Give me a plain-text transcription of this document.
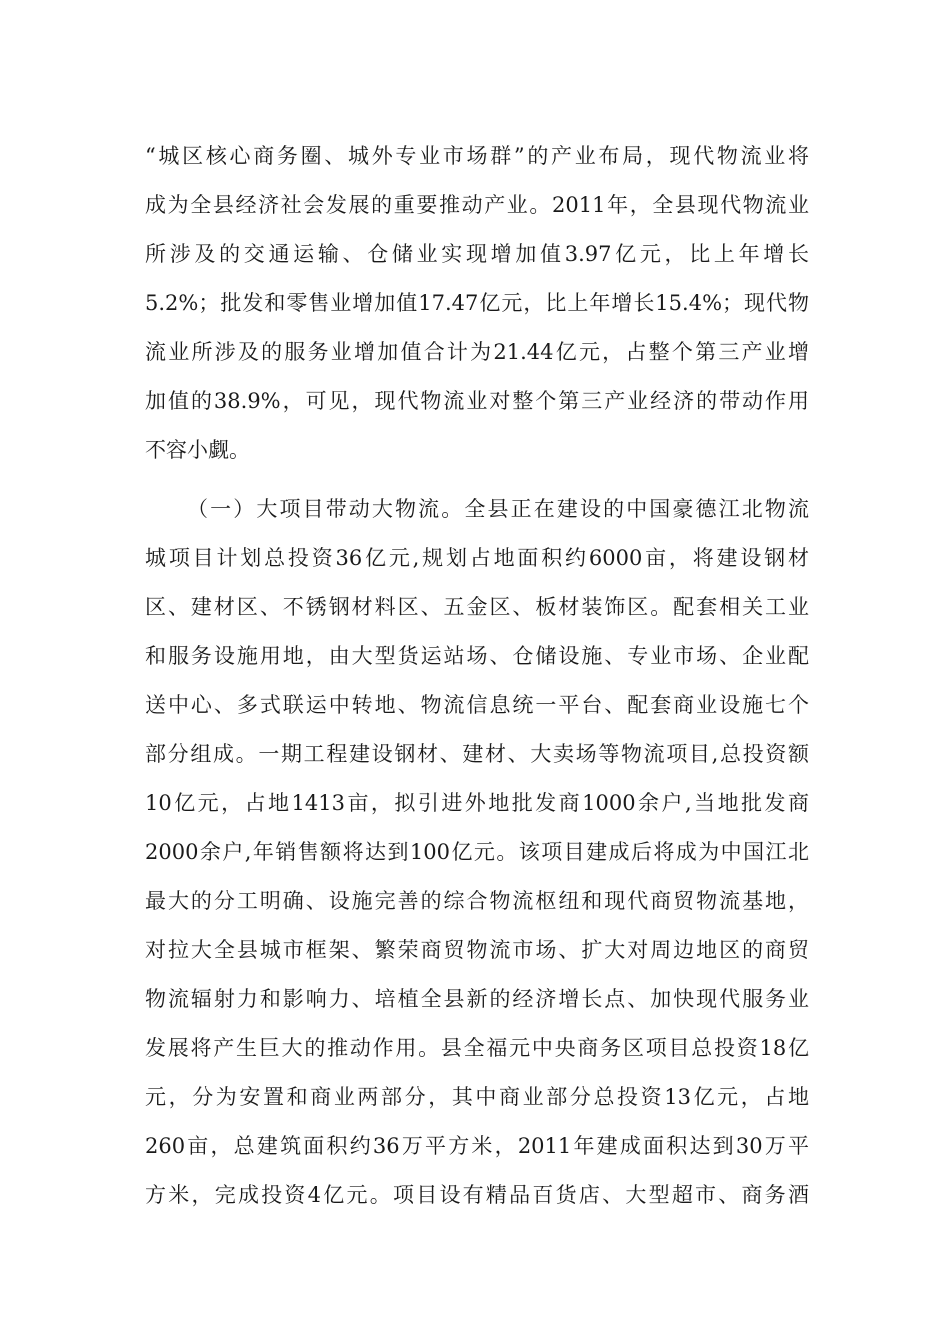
“城区核心商务圈、城外专业市场群”的产业布局，现代物流业将
成为全县经济社会发展的重要推动产业。2011年，全县现代物流业
所涉及的交通运输、仓储业实现增加值3.97亿元，比上年增长
5.2%；批发和零售业增加值17.47亿元，比上年增长15.4%；现代物
流业所涉及的服务业增加值合计为21.44亿元，占整个第三产业增
加值的38.9%，可见，现代物流业对整个第三产业经济的带动作用
不容小觑。
（一）大项目带动大物流。全县正在建设的中国豪德江北物流
城项目计划总投资36亿元,规划占地面积约6000亩，将建设钢材
区、建材区、不锈钢材料区、五金区、板材装饰区。配套相关工业
和服务设施用地，由大型货运站场、仓储设施、专业市场、企业配
送中心、多式联运中转地、物流信息统一平台、配套商业设施七个
部分组成。一期工程建设钢材、建材、大卖场等物流项目,总投资额
10亿元，占地1413亩，拟引进外地批发商1000余户,当地批发商
2000余户,年销售额将达到100亿元。该项目建成后将成为中国江北
最大的分工明确、设施完善的综合物流枢纽和现代商贸物流基地，
对拉大全县城市框架、繁荣商贸物流市场、扩大对周边地区的商贸
物流辐射力和影响力、培植全县新的经济增长点、加快现代服务业
发展将产生巨大的推动作用。县全福元中央商务区项目总投资18亿
元，分为安置和商业两部分，其中商业部分总投资13亿元，占地
260亩，总建筑面积约36万平方米，2011年建成面积达到30万平
方米，完成投资4亿元。项目设有精品百货店、大型超市、商务酒
